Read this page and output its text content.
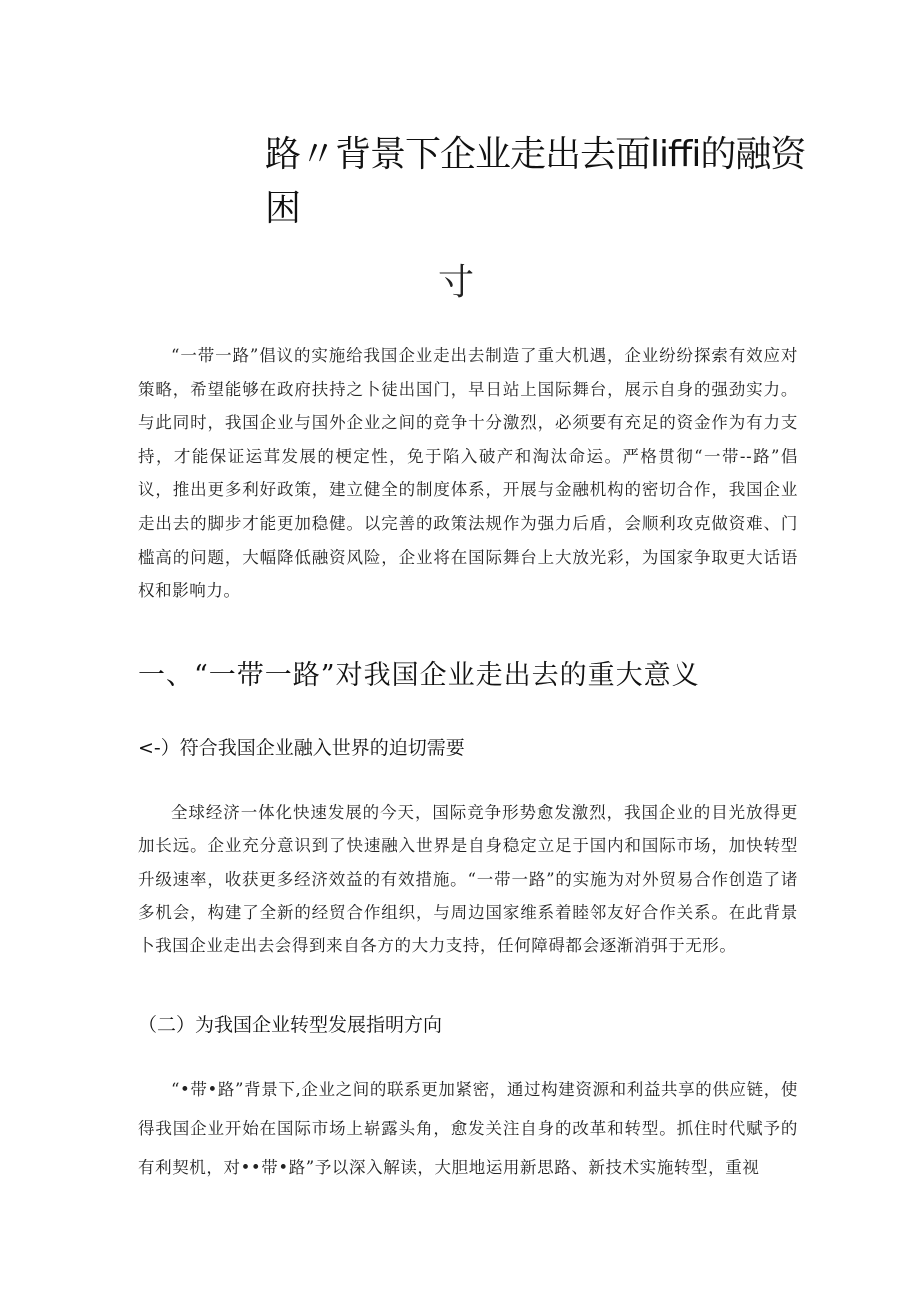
路〃背景下企业走出去面liffi的融资困
寸

“一带一路”倡议的实施给我国企业走出去制造了重大机遇，企业纷纷探索有效应对策略，希望能够在政府扶持之卜徒出国门，早日站上国际舞台，展示自身的强劲实力。与此同时，我国企业与国外企业之间的竞争十分激烈，必须要有充足的资金作为有力支持，才能保证运茸发展的梗定性，免于陷入破产和淘汰命运。严格贯彻“一带--路”倡议，推出更多利好政策，建立健全的制度体系，开展与金融机构的密切合作，我国企业走出去的脚步才能更加稳健。以完善的政策法规作为强力后盾，会顺利攻克做资难、门槛高的问题，大幅降低融资风险，企业将在国际舞台上大放光彩，为国家争取更大话语权和影响力。

一、“一带一路”对我国企业走出去的重大意义
<-）符合我国企业融入世界的迫切需要

全球经济一体化快速发展的今天，国际竞争形势愈发激烈，我国企业的目光放得更加长远。企业充分意识到了快速融入世界是自身稳定立足于国内和国际市场，加快转型升级速率，收获更多经济效益的有效措施。“一带一路”的实施为对外贸易合作创造了诸多机会，构建了全新的经贸合作组织，与周边国家维系着睦邻友好合作关系。在此背景卜我国企业走出去会得到来自各方的大力支持，任何障碍都会逐渐消弭于无形。

（二）为我国企业转型发展指明方向

“•带•路”背景下,企业之间的联系更加紧密，通过构建资源和利益共享的供应链，使得我国企业开始在国际市场上崭露头角，愈发关注自身的改革和转型。抓住时代赋予的有利契机，对••带•路”予以深入解读，大胆地运用新思路、新技术实施转型，重视
